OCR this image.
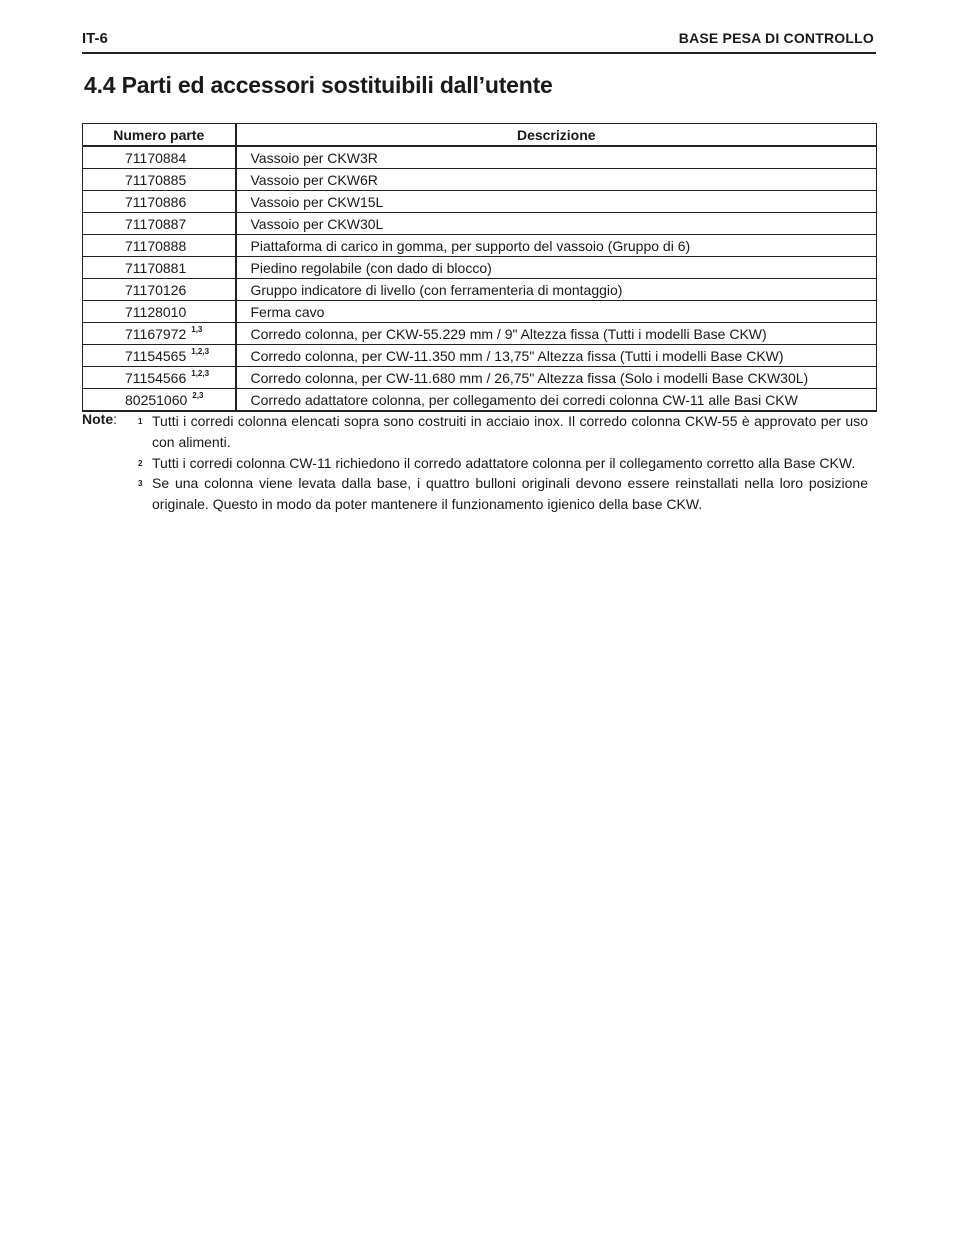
IT-6	BASE PESA DI CONTROLLO
4.4 Parti ed accessori sostituibili dall’utente
Numero parte	Descrizione
71170884	Vassoio per CKW3R
71170885	Vassoio per CKW6R
71170886	Vassoio per CKW15L
71170887	Vassoio per CKW30L
71170888	Piattaforma di carico in gomma, per supporto del vassoio (Gruppo di 6)
71170881	Piedino regolabile (con dado di blocco)
71170126	Gruppo indicatore di livello (con ferramenteria di montaggio)
71128010	Ferma cavo
71167972 $^{1,3}$	Corredo colonna, per CKW-55.229 mm / 9" Altezza fissa (Tutti i modelli Base CKW)
71154565 $^{1,2,3}$	Corredo colonna, per CW-11.350 mm / 13,75" Altezza fissa (Tutti i modelli Base CKW)
71154566 $^{1,2,3}$	Corredo colonna, per CW-11.680 mm / 26,75" Altezza fissa (Solo i modelli Base CKW30L)
80251060 $^{2,3}$	Corredo adattatore colonna, per collegamento dei corredi colonna CW-11 alle Basi CKW
Note:	1 Tutti i corredi colonna elencati sopra sono costruiti in acciaio inox. Il corredo colonna CKW-55 è approvato per uso con alimenti.
2 Tutti i corredi colonna CW-11 richiedono il corredo adattatore colonna per il collegamento corretto alla Base CKW.
3 Se una colonna viene levata dalla base, i quattro bulloni originali devono essere reinstallati nella loro posizione originale. Questo in modo da poter mantenere il funzionamento igienico della base CKW.
